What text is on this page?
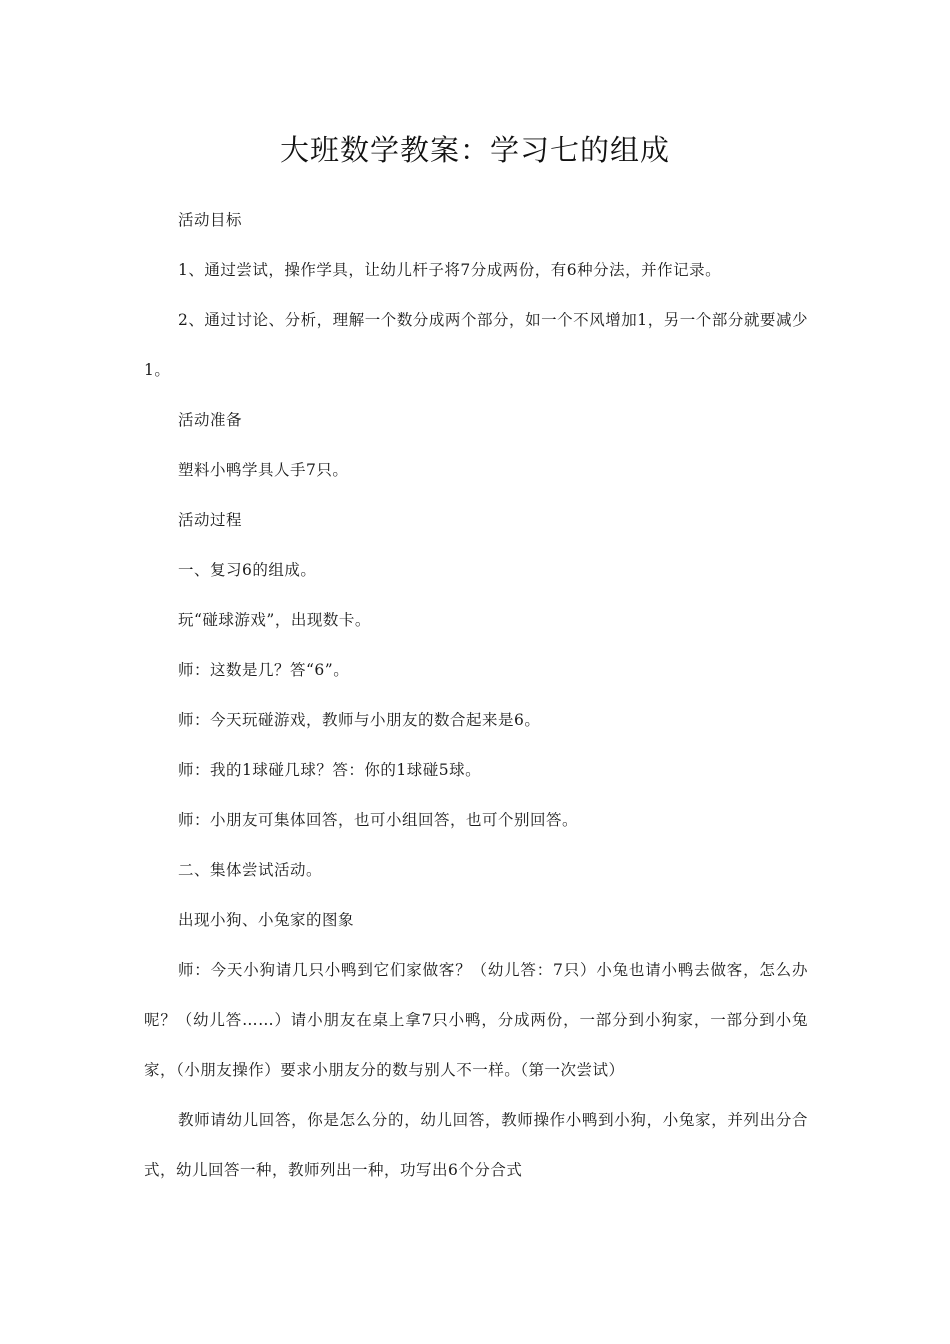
大班数学教案：学习七的组成

活动目标

1、通过尝试，操作学具，让幼儿杆子将7分成两份，有6种分法，并作记录。

2、通过讨论、分析，理解一个数分成两个部分，如一个不风增加1，另一个部分就要减少1。

活动准备

塑料小鸭学具人手7只。

活动过程

一、复习6的组成。

玩“碰球游戏”，出现数卡。

师：这数是几？答“6”。

师：今天玩碰游戏，教师与小朋友的数合起来是6。

师：我的1球碰几球？答：你的1球碰5球。

师：小朋友可集体回答，也可小组回答，也可个别回答。

二、集体尝试活动。

出现小狗、小兔家的图象

师：今天小狗请几只小鸭到它们家做客？（幼儿答：7只）小兔也请小鸭去做客，怎么办呢？（幼儿答……）请小朋友在桌上拿7只小鸭，分成两份，一部分到小狗家，一部分到小兔家，（小朋友操作）要求小朋友分的数与别人不一样。（第一次尝试）

教师请幼儿回答，你是怎么分的，幼儿回答，教师操作小鸭到小狗，小兔家，并列出分合式，幼儿回答一种，教师列出一种，功写出6个分合式
